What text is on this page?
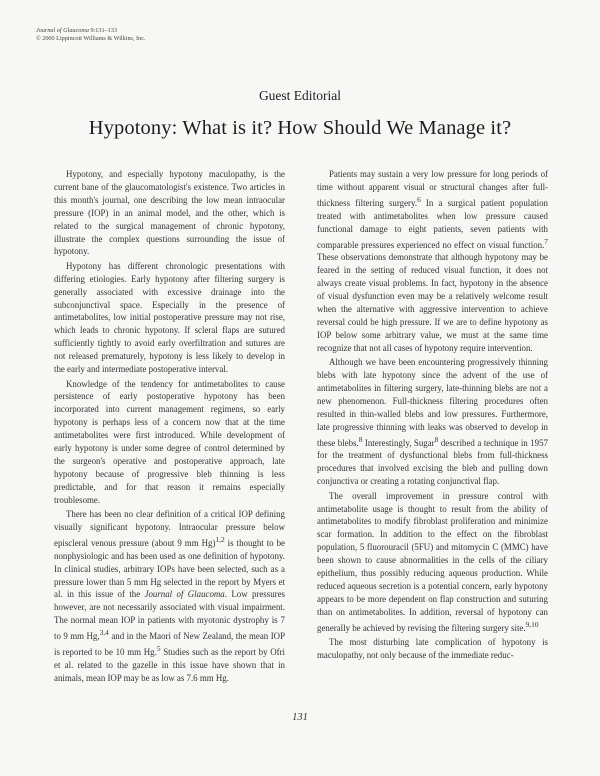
Journal of Glaucoma 9:131–133
© 2000 Lippincott Williams & Wilkins, Inc.
Guest Editorial
Hypotony: What is it? How Should We Manage it?

Hypotony, and especially hypotony maculopathy, is the current bane of the glaucomatologist's existence. Two articles in this month's journal, one describing the low mean intraocular pressure (IOP) in an animal model, and the other, which is related to the surgical management of chronic hypotony, illustrate the complex questions surrounding the issue of hypotony.

Hypotony has different chronologic presentations with differing etiologies. Early hypotony after filtering surgery is generally associated with excessive drainage into the subconjunctival space. Especially in the presence of antimetabolites, low initial postoperative pressure may not rise, which leads to chronic hypotony. If scleral flaps are sutured sufficiently tightly to avoid early overfiltration and sutures are not released prematurely, hypotony is less likely to develop in the early and intermediate postoperative interval.

Knowledge of the tendency for antimetabolites to cause persistence of early postoperative hypotony has been incorporated into current management regimens, so early hypotony is perhaps less of a concern now that at the time antimetabolites were first introduced. While development of early hypotony is under some degree of control determined by the surgeon's operative and postoperative approach, late hypotony because of progressive bleb thinning is less predictable, and for that reason it remains especially troublesome.

There has been no clear definition of a critical IOP defining visually significant hypotony. Intraocular pressure below episcleral venous pressure (about 9 mm Hg)$^{1,2}$ is thought to be nonphysiologic and has been used as one definition of hypotony. In clinical studies, arbitrary IOPs have been selected, such as a pressure lower than 5 mm Hg selected in the report by Myers et al. in this issue of the Journal of Glaucoma. Low pressures however, are not necessarily associated with visual impairment. The normal mean IOP in patients with myotonic dystrophy is 7 to 9 mm Hg,$^{3,4}$ and in the Maori of New Zealand, the mean IOP is reported to be 10 mm Hg.$^5$ Studies such as the report by Ofri et al. related to the gazelle in this issue have shown that in animals, mean IOP may be as low as 7.6 mm Hg.

Patients may sustain a very low pressure for long periods of time without apparent visual or structural changes after full-thickness filtering surgery.$^6$ In a surgical patient population treated with antimetabolites when low pressure caused functional damage to eight patients, seven patients with comparable pressures experienced no effect on visual function.$^7$ These observations demonstrate that although hypotony may be feared in the setting of reduced visual function, it does not always create visual problems. In fact, hypotony in the absence of visual dysfunction even may be a relatively welcome result when the alternative with aggressive intervention to achieve reversal could be high pressure. If we are to define hypotony as IOP below some arbitrary value, we must at the same time recognize that not all cases of hypotony require intervention.

Although we have been encountering progressively thinning blebs with late hypotony since the advent of the use of antimetabolites in filtering surgery, late-thinning blebs are not a new phenomenon. Full-thickness filtering procedures often resulted in thin-walled blebs and low pressures. Furthermore, late progressive thinning with leaks was observed to develop in these blebs.$^8$ Interestingly, Sugar$^8$ described a technique in 1957 for the treatment of dysfunctional blebs from full-thickness procedures that involved excising the bleb and pulling down conjunctiva or creating a rotating conjunctival flap.

The overall improvement in pressure control with antimetabolite usage is thought to result from the ability of antimetabolites to modify fibroblast proliferation and minimize scar formation. In addition to the effect on the fibroblast population, 5 fluorouracil (5FU) and mitomycin C (MMC) have been shown to cause abnormalities in the cells of the ciliary epithelium, thus possibly reducing aqueous production. While reduced aqueous secretion is a potential concern, early hypotony appears to be more dependent on flap construction and suturing than on antimetabolites. In addition, reversal of hypotony can generally be achieved by revising the filtering surgery site.$^{9,10}$

The most disturbing late complication of hypotony is maculopathy, not only because of the immediate reduc-

131
